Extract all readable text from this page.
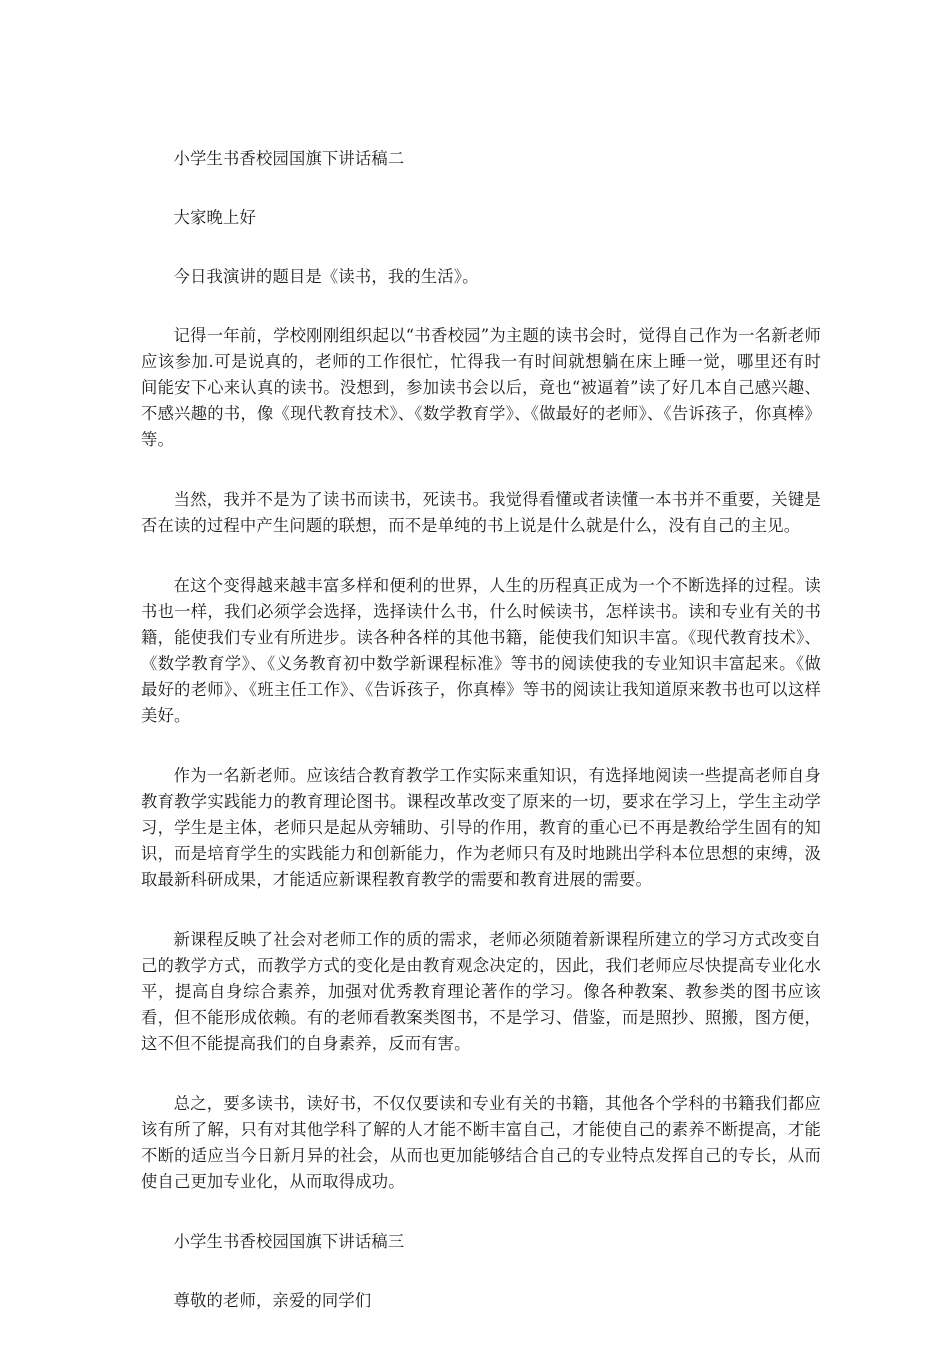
小学生书香校园国旗下讲话稿二

大家晚上好

今日我演讲的题目是《读书，我的生活》。

记得一年前，学校刚刚组织起以“书香校园”为主题的读书会时，觉得自己作为一名新老师应该参加.可是说真的，老师的工作很忙，忙得我一有时间就想躺在床上睡一觉，哪里还有时间能安下心来认真的读书。没想到，参加读书会以后，竟也“被逼着”读了好几本自己感兴趣、不感兴趣的书，像《现代教育技术》、《数学教育学》、《做最好的老师》、《告诉孩子，你真棒》等。

当然，我并不是为了读书而读书，死读书。我觉得看懂或者读懂一本书并不重要，关键是否在读的过程中产生问题的联想，而不是单纯的书上说是什么就是什么，没有自己的主见。

在这个变得越来越丰富多样和便利的世界，人生的历程真正成为一个不断选择的过程。读书也一样，我们必须学会选择，选择读什么书，什么时候读书，怎样读书。读和专业有关的书籍，能使我们专业有所进步。读各种各样的其他书籍，能使我们知识丰富。《现代教育技术》、《数学教育学》、《义务教育初中数学新课程标准》等书的阅读使我的专业知识丰富起来。《做最好的老师》、《班主任工作》、《告诉孩子，你真棒》等书的阅读让我知道原来教书也可以这样美好。

作为一名新老师。应该结合教育教学工作实际来重知识，有选择地阅读一些提高老师自身教育教学实践能力的教育理论图书。课程改革改变了原来的一切，要求在学习上，学生主动学习，学生是主体，老师只是起从旁辅助、引导的作用，教育的重心已不再是教给学生固有的知识，而是培育学生的实践能力和创新能力，作为老师只有及时地跳出学科本位思想的束缚，汲取最新科研成果，才能适应新课程教育教学的需要和教育进展的需要。

新课程反映了社会对老师工作的质的需求，老师必须随着新课程所建立的学习方式改变自己的教学方式，而教学方式的变化是由教育观念决定的，因此，我们老师应尽快提高专业化水平，提高自身综合素养，加强对优秀教育理论著作的学习。像各种教案、教参类的图书应该看，但不能形成依赖。有的老师看教案类图书，不是学习、借鉴，而是照抄、照搬，图方便，这不但不能提高我们的自身素养，反而有害。

总之，要多读书，读好书，不仅仅要读和专业有关的书籍，其他各个学科的书籍我们都应该有所了解，只有对其他学科了解的人才能不断丰富自己，才能使自己的素养不断提高，才能不断的适应当今日新月异的社会，从而也更加能够结合自己的专业特点发挥自己的专长，从而使自己更加专业化，从而取得成功。

小学生书香校园国旗下讲话稿三

尊敬的老师，亲爱的同学们
